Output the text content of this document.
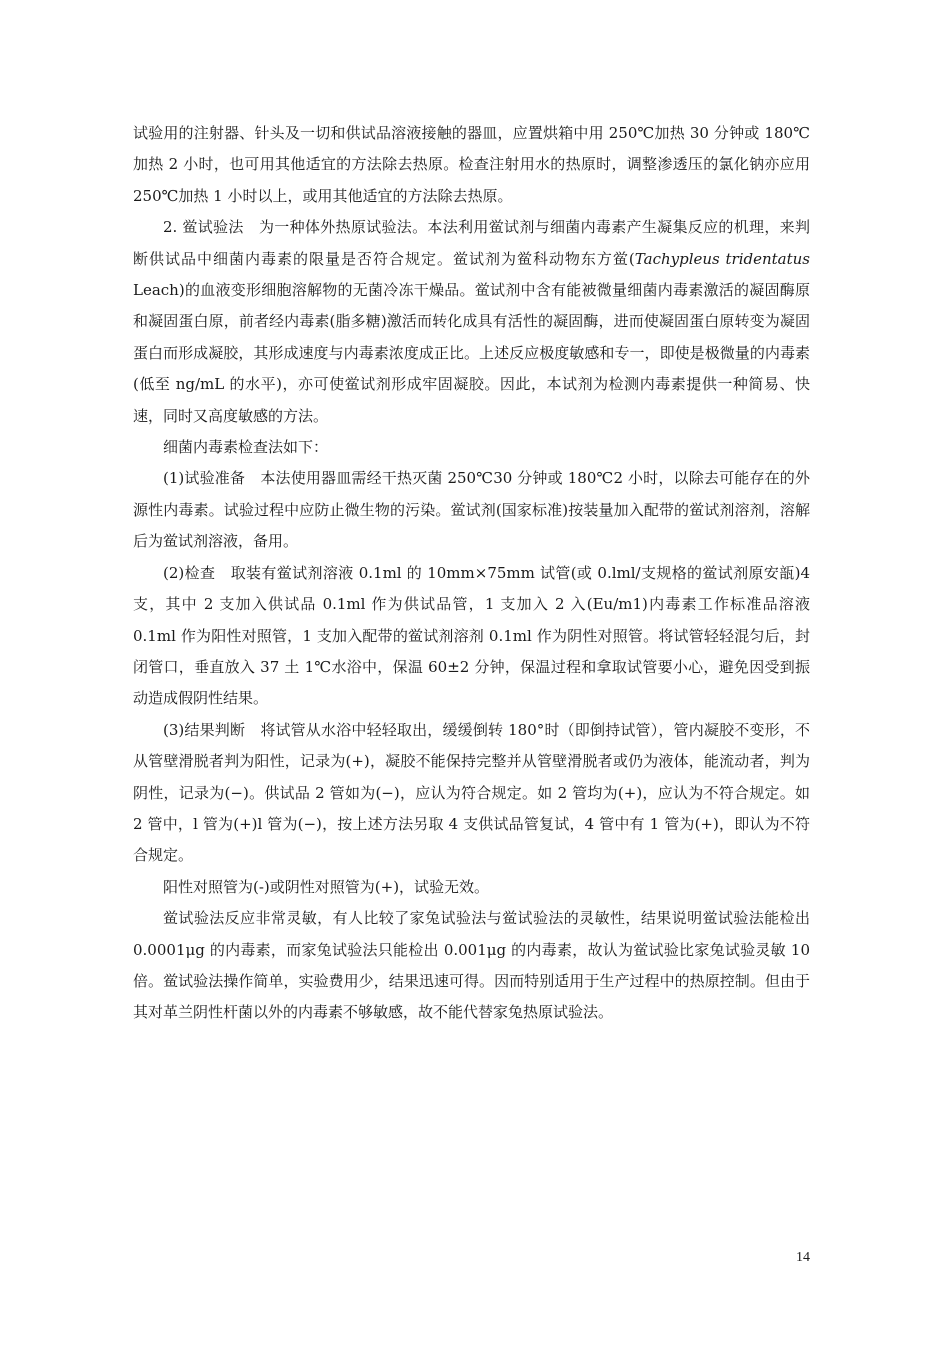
试验用的注射器、针头及一切和供试品溶液接触的器皿，应置烘箱中用 250℃加热 30 分钟或 180℃加热 2 小时，也可用其他适宜的方法除去热原。检查注射用水的热原时，调整渗透压的氯化钠亦应用 250℃加热 1 小时以上，或用其他适宜的方法除去热原。

2. 鲎试验法　为一种体外热原试验法。本法利用鲎试剂与细菌内毒素产生凝集反应的机理，来判断供试品中细菌内毒素的限量是否符合规定。鲎试剂为鲎科动物东方鲎(Tachypleus tridentatus Leach)的血液变形细胞溶解物的无菌冷冻干燥品。鲎试剂中含有能被微量细菌内毒素激活的凝固酶原和凝固蛋白原，前者经内毒素(脂多糖)激活而转化成具有活性的凝固酶，进而使凝固蛋白原转变为凝固蛋白而形成凝胶，其形成速度与内毒素浓度成正比。上述反应极度敏感和专一，即使是极微量的内毒素(低至 ng/mL 的水平)，亦可使鲎试剂形成牢固凝胶。因此，本试剂为检测内毒素提供一种简易、快速，同时又高度敏感的方法。

细菌内毒素检查法如下：

(1)试验准备　本法使用器皿需经干热灭菌 250℃30 分钟或 180℃2 小时，以除去可能存在的外源性内毒素。试验过程中应防止微生物的污染。鲎试剂(国家标准)按装量加入配带的鲎试剂溶剂，溶解后为鲎试剂溶液，备用。

(2)检查　取装有鲎试剂溶液 0.1ml 的 10mm×75mm 试管(或 0.lml/支规格的鲎试剂原安瓿)4 支，其中 2 支加入供试品 0.1ml 作为供试品管，1 支加入 2 入(Eu/m1)内毒素工作标准品溶液 0.1ml 作为阳性对照管，1 支加入配带的鲎试剂溶剂 0.1ml 作为阴性对照管。将试管轻轻混匀后，封闭管口，垂直放入 37 土 1℃水浴中，保温 60±2 分钟，保温过程和拿取试管要小心，避免因受到振动造成假阴性结果。

(3)结果判断　将试管从水浴中轻轻取出，缓缓倒转 180°时（即倒持试管），管内凝胶不变形，不从管壁滑脱者判为阳性，记录为(+)，凝胶不能保持完整并从管壁滑脱者或仍为液体，能流动者，判为阴性，记录为(−)。供试品 2 管如为(−)，应认为符合规定。如 2 管均为(+)，应认为不符合规定。如 2 管中，l 管为(+)l 管为(−)，按上述方法另取 4 支供试品管复试，4 管中有 1 管为(+)，即认为不符合规定。

阳性对照管为(-)或阴性对照管为(+)，试验无效。

鲎试验法反应非常灵敏，有人比较了家兔试验法与鲎试验法的灵敏性，结果说明鲎试验法能检出 0.0001μg 的内毒素，而家兔试验法只能检出 0.001μg 的内毒素，故认为鲎试验比家兔试验灵敏 10 倍。鲎试验法操作简单，实验费用少，结果迅速可得。因而特别适用于生产过程中的热原控制。但由于其对革兰阴性杆菌以外的内毒素不够敏感，故不能代替家兔热原试验法。

14
